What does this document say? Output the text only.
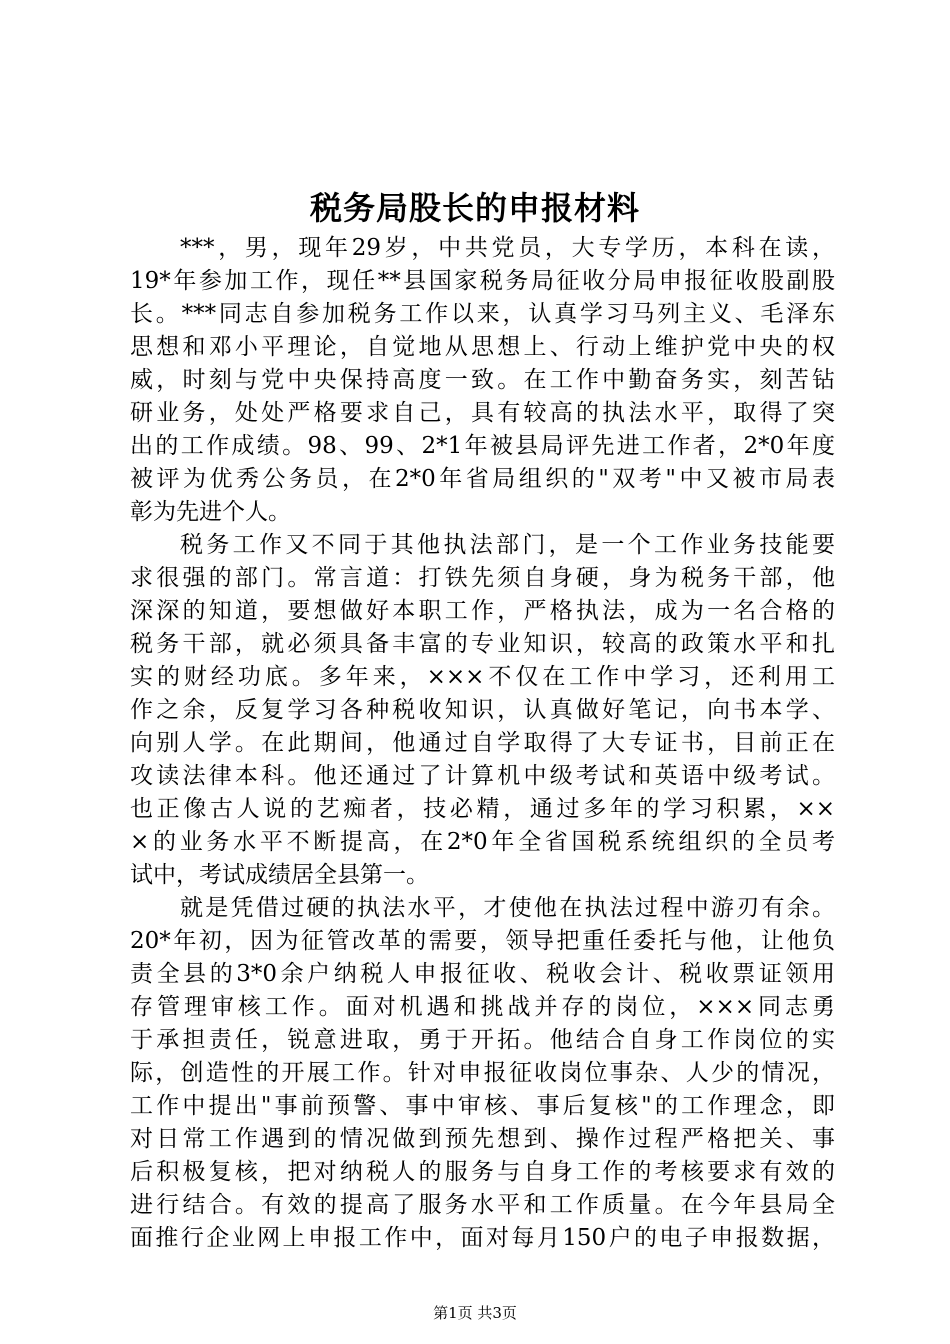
税务局股长的申报材料
***，男，现年29岁，中共党员，大专学历，本科在读，
19*年参加工作，现任**县国家税务局征收分局申报征收股副股
长。***同志自参加税务工作以来，认真学习马列主义、毛泽东
思想和邓小平理论，自觉地从思想上、行动上维护党中央的权
威，时刻与党中央保持高度一致。在工作中勤奋务实，刻苦钻
研业务，处处严格要求自己，具有较高的执法水平，取得了突
出的工作成绩。98、99、2*1年被县局评先进工作者，2*0年度
被评为优秀公务员，在2*0年省局组织的"双考"中又被市局表
彰为先进个人。
税务工作又不同于其他执法部门，是一个工作业务技能要
求很强的部门。常言道：打铁先须自身硬，身为税务干部，他
深深的知道，要想做好本职工作，严格执法，成为一名合格的
税务干部，就必须具备丰富的专业知识，较高的政策水平和扎
实的财经功底。多年来，×××不仅在工作中学习，还利用工
作之余，反复学习各种税收知识，认真做好笔记，向书本学、
向别人学。在此期间，他通过自学取得了大专证书，目前正在
攻读法律本科。他还通过了计算机中级考试和英语中级考试。
也正像古人说的艺痴者，技必精，通过多年的学习积累，××
×的业务水平不断提高，在2*0年全省国税系统组织的全员考
试中，考试成绩居全县第一。
就是凭借过硬的执法水平，才使他在执法过程中游刃有余。
20*年初，因为征管改革的需要，领导把重任委托与他，让他负
责全县的3*0余户纳税人申报征收、税收会计、税收票证领用
存管理审核工作。面对机遇和挑战并存的岗位，×××同志勇
于承担责任，锐意进取，勇于开拓。他结合自身工作岗位的实
际，创造性的开展工作。针对申报征收岗位事杂、人少的情况，
工作中提出"事前预警、事中审核、事后复核"的工作理念，即
对日常工作遇到的情况做到预先想到、操作过程严格把关、事
后积极复核，把对纳税人的服务与自身工作的考核要求有效的
进行结合。有效的提高了服务水平和工作质量。在今年县局全
面推行企业网上申报工作中，面对每月150户的电子申报数据，
第1页 共3页
